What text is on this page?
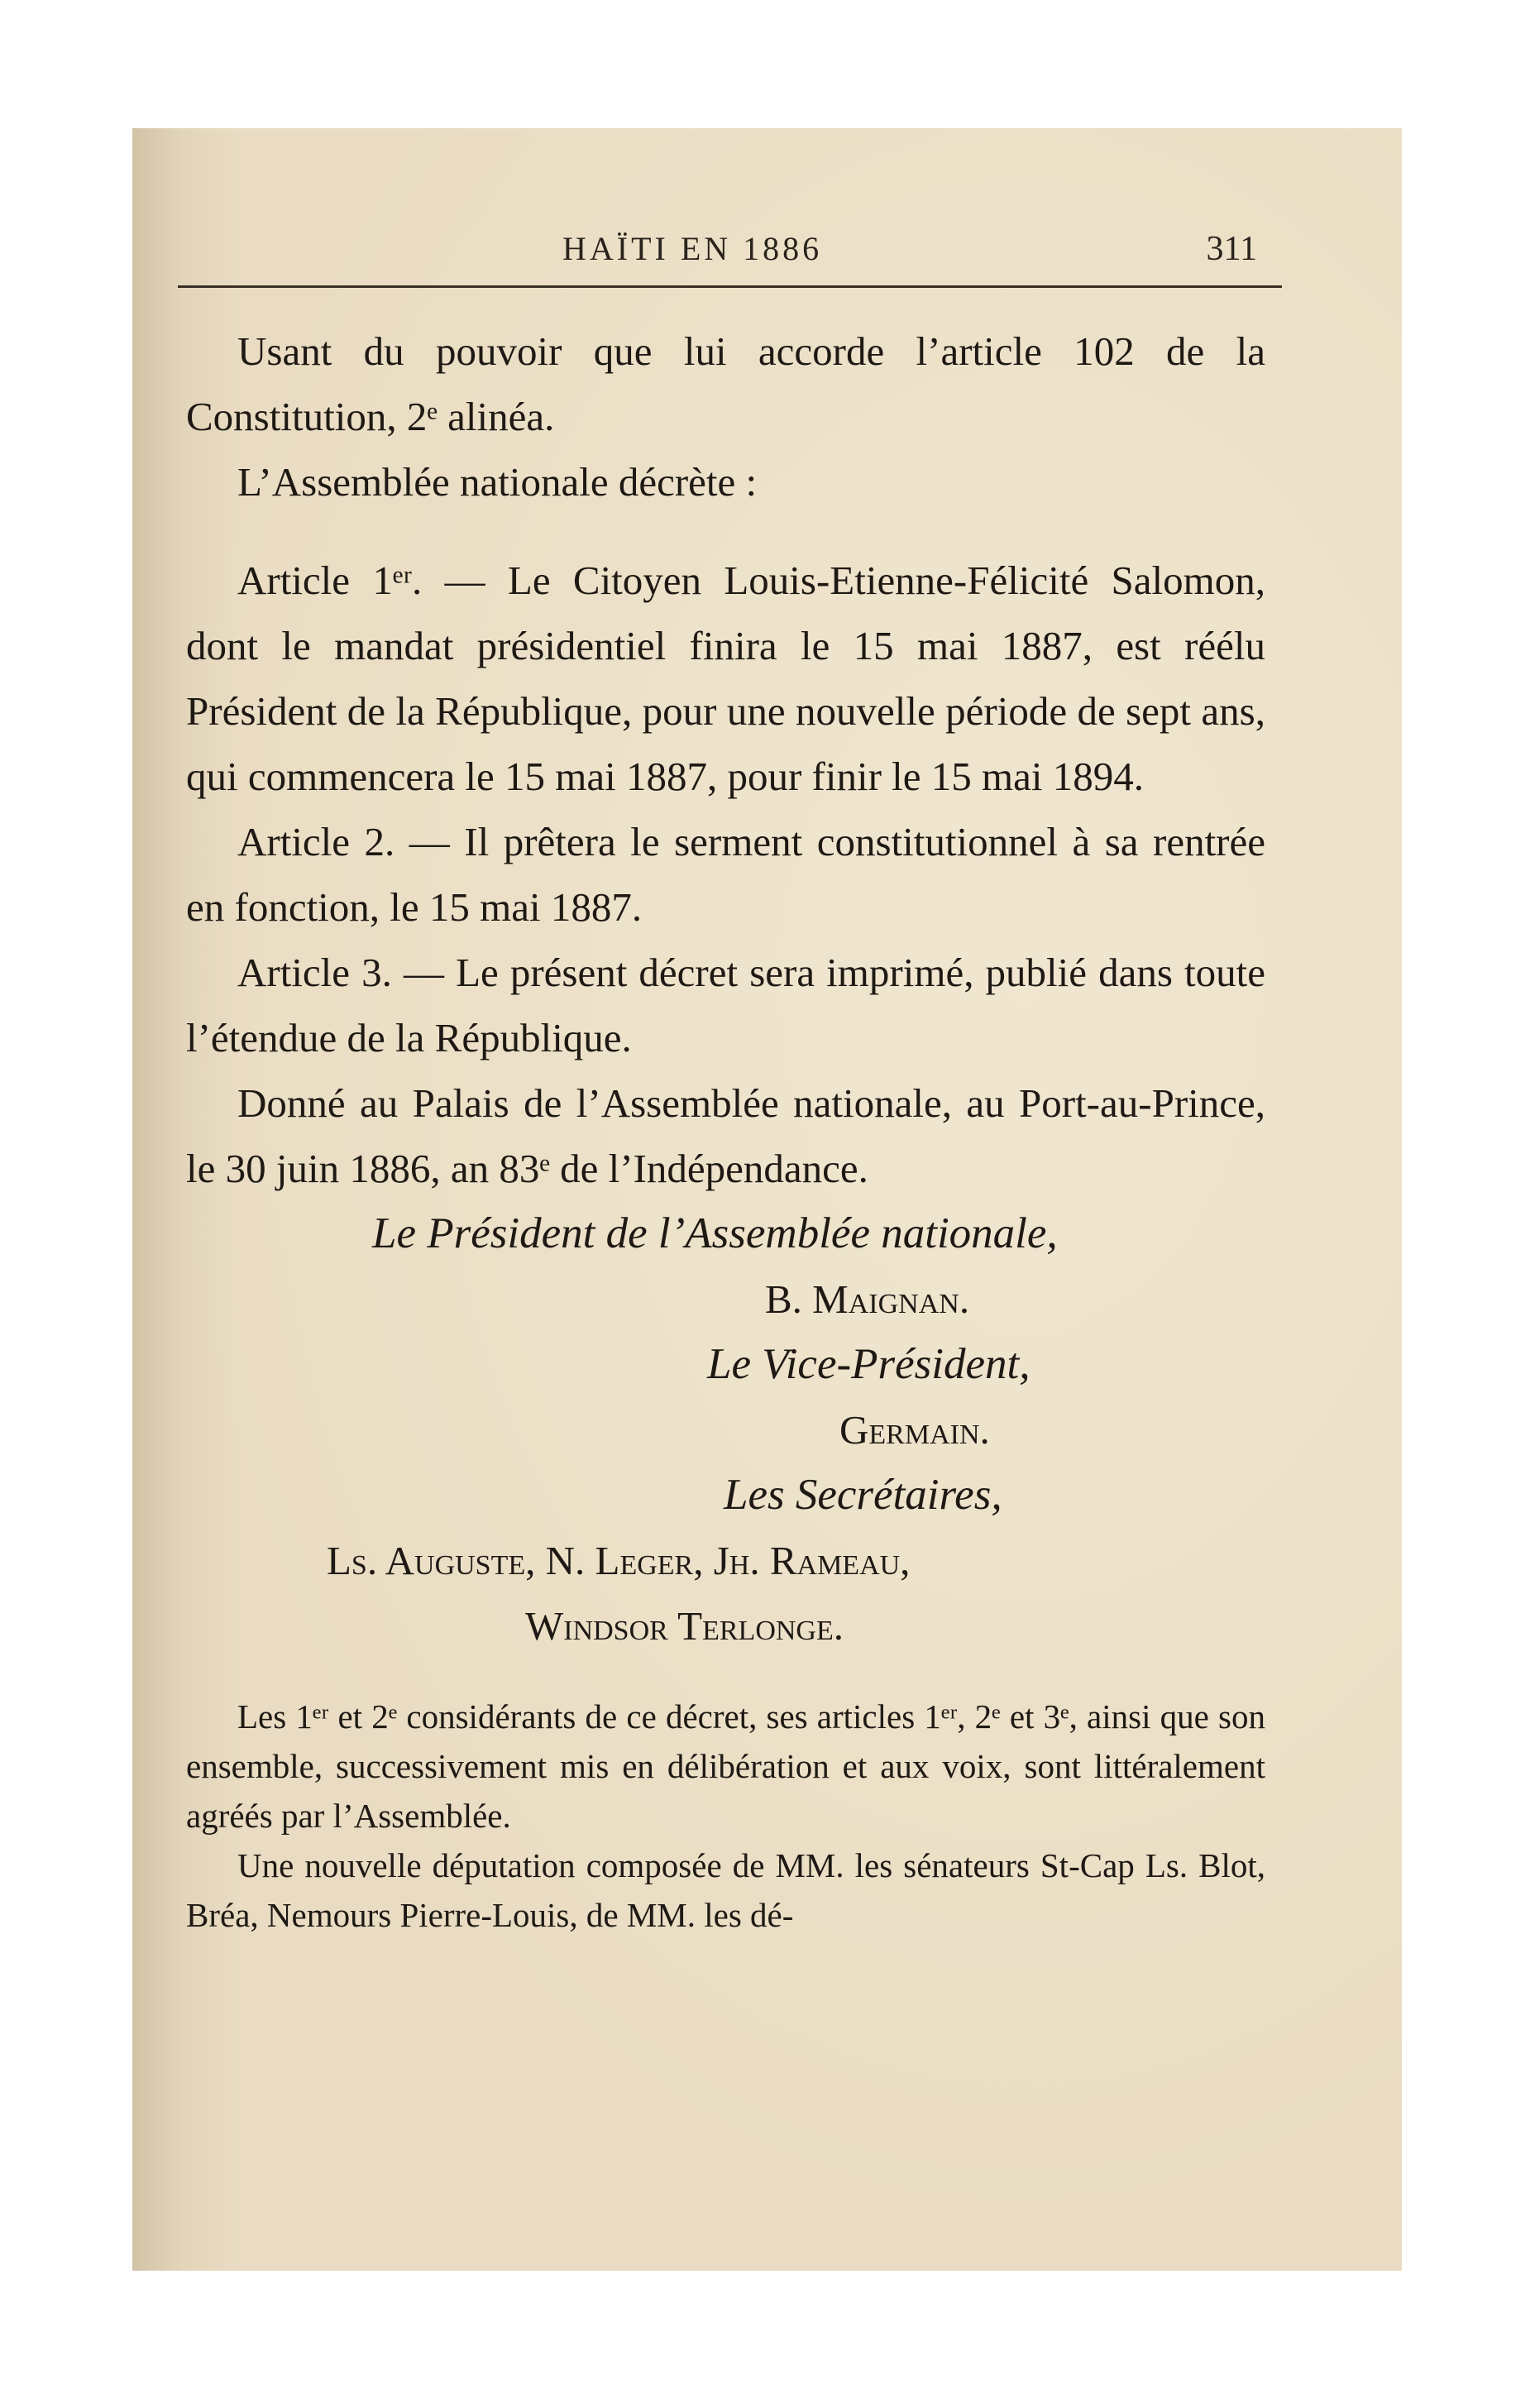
HAÏTI EN 1886	311

Usant du pouvoir que lui accorde l’article 102 de la Constitution, 2ᵉ alinéa.

L’Assemblée nationale décrète :

Article 1ᵉʳ. — Le Citoyen Louis-Etienne-Félicité Salomon, dont le mandat présidentiel finira le 15 mai 1887, est réélu Président de la République, pour une nouvelle période de sept ans, qui commencera le 15 mai 1887, pour finir le 15 mai 1894.

Article 2. — Il prêtera le serment constitutionnel à sa rentrée en fonction, le 15 mai 1887.

Article 3. — Le présent décret sera imprimé, publié dans toute l’étendue de la République.

Donné au Palais de l’Assemblée nationale, au Port-au-Prince, le 30 juin 1886, an 83ᵉ de l’Indépendance.

Le Président de l’Assemblée nationale,
B. Maignan.
Le Vice-Président,
Germain.
Les Secrétaires,
Ls. Auguste, N. Leger, Jh. Rameau,
Windsor Terlonge.

Les 1ᵉʳ et 2ᵉ considérants de ce décret, ses articles 1ᵉʳ, 2ᵉ et 3ᵉ, ainsi que son ensemble, successivement mis en délibération et aux voix, sont littéralement agréés par l’Assemblée.

Une nouvelle députation composée de MM. les sénateurs St-Cap Ls. Blot, Bréa, Nemours Pierre-Louis, de MM. les dé-
